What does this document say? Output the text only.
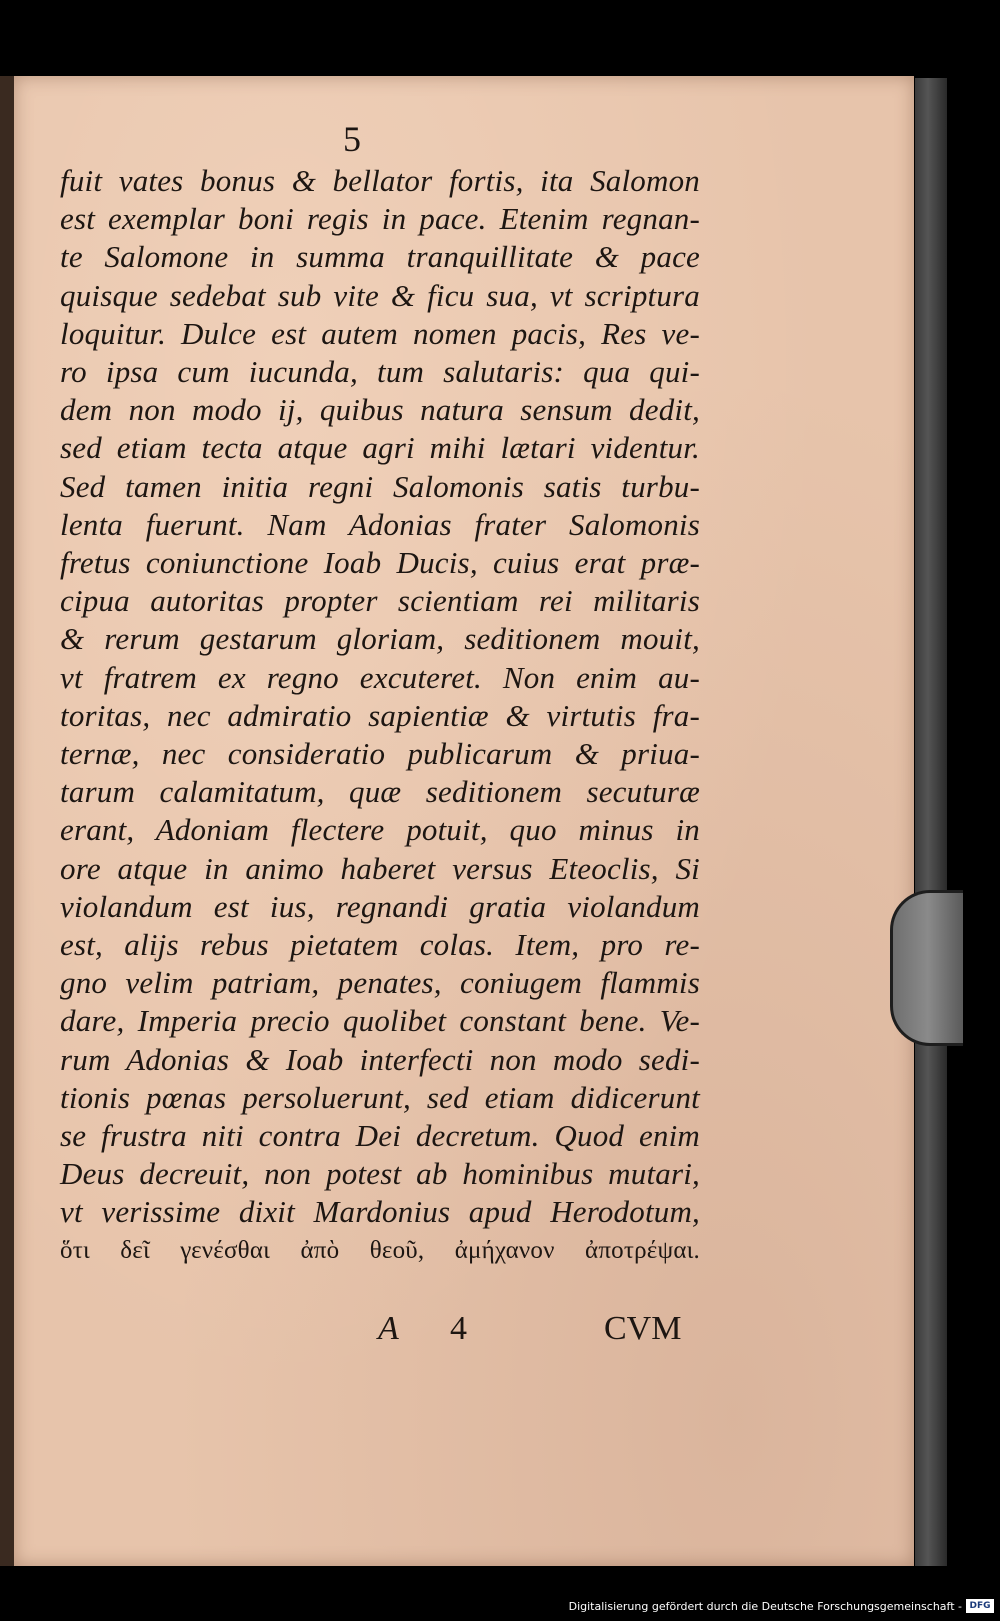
5
fuit vates bonus & bellator fortis, ita Salomon
est exemplar boni regis in pace. Etenim regnan-
te Salomone in summa tranquillitate & pace
quisque sedebat sub vite & ficu sua, vt scriptura
loquitur. Dulce est autem nomen pacis, Res ve-
ro ipsa cum iucunda, tum salutaris: qua qui-
dem non modo ij, quibus natura sensum dedit,
sed etiam tecta atque agri mihi lætari videntur.
Sed tamen initia regni Salomonis satis turbu-
lenta fuerunt. Nam Adonias frater Salomonis
fretus coniunctione Ioab Ducis, cuius erat præ-
cipua autoritas propter scientiam rei militaris
& rerum gestarum gloriam, seditionem mouit,
vt fratrem ex regno excuteret. Non enim au-
toritas, nec admiratio sapientiæ & virtutis fra-
ternæ, nec consideratio publicarum & priua-
tarum calamitatum, quæ seditionem secuturæ
erant, Adoniam flectere potuit, quo minus in
ore atque in animo haberet versus Eteoclis, Si
violandum est ius, regnandi gratia violandum
est, alijs rebus pietatem colas. Item, pro re-
gno velim patriam, penates, coniugem flammis
dare, Imperia precio quolibet constant bene. Ve-
rum Adonias & Ioab interfecti non modo sedi-
tionis pœnas persoluerunt, sed etiam didicerunt
se frustra niti contra Dei decretum. Quod enim
Deus decreuit, non potest ab hominibus mutari,
vt verissime dixit Mardonius apud Herodotum,
ὅτι δεῖ γενέσθαι ἀπὸ θεοῦ, ἀμήχανον ἀποτρέψαι.
A 4	CVM
Digitalisierung gefördert durch die Deutsche Forschungsgemeinschaft - DFG
